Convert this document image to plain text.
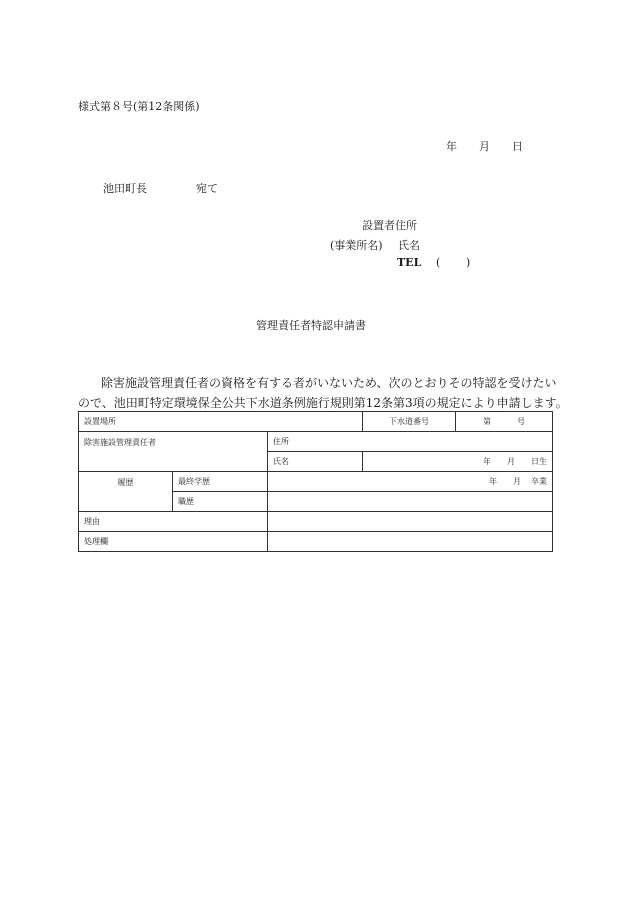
様式第８号(第12条関係)
年 月 日
池田町長	宛て
設置者住所
(事業所名) 氏名
TEL ( )
管理責任者特認申請書
除害施設管理責任者の資格を有する者がいないため、次のとおりその特認を受けたい
ので、池田町特定環境保全公共下水道条例施行規則第12条第3項の規定により申請します。
設置場所			下水道番号	第 号
除害施設管理責任者		住所		
		氏名	年 月 日生	
履歴	最終学歴	年 月 卒業		
	職歴			
理由				
処理欄				
